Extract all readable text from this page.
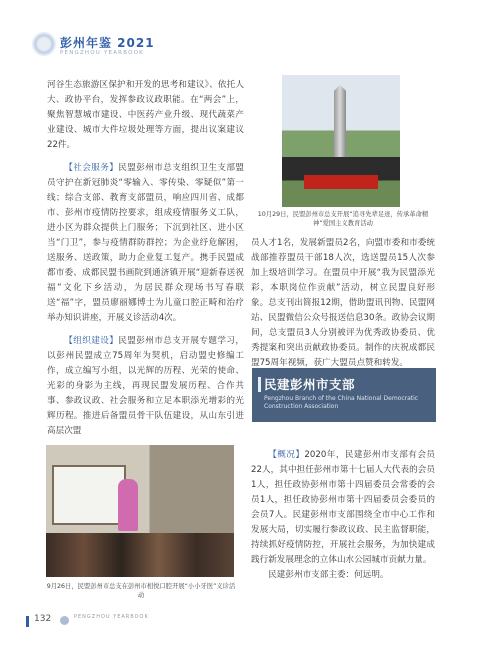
彭州年鉴 2021
PENGZHOU YEARBOOK

河谷生态旅游区保护和开发的思考和建议》、依托人大、政协平台，发挥参政议政职能。在“两会”上，聚焦智慧城市建设、中医药产业升级、现代蔬菜产业建设、城市大件垃圾处理等方面，提出议案建议22件。

【社会服务】民盟彭州市总支组织卫生支部盟员守护在新冠肺炎“零输入、零传染、零疑似”第一线；综合支部、教育支部盟员，响应四川省、成都市、彭州市疫情防控要求，组成疫情服务义工队，进小区为群众提供上门服务；下沉到社区、进小区当“门卫”，参与疫情群防群控；为企业纾危解困，送服务、送政策，助力企业复工复产。携手民盟成都市委、成都民盟书画院到通济镇开展“迎新春送祝福”文化下乡活动，为居民群众现场书写春联送“福”字，盟员廖丽娜博士为儿童口腔正畸和治疗举办知识讲座，开展义诊活动4次。

【组织建设】民盟彭州市总支开展专题学习，以彭州民盟成立75周年为契机，启动盟史修编工作，成立编写小组，以光辉的历程、光荣的使命、光彩的身影为主线，再现民盟发展历程、合作共事、参政议政、社会服务和立足本职添光增彩的光辉历程。推进后备盟员骨干队伍建设，从山东引进高层次盟

10月29日，民盟彭州市总支开展“追寻先辈足迹，传承革命精神”爱国主义教育活动

员人才1名，发展新盟员2名，向盟市委和市委统战部推荐盟员干部18人次，选送盟员15人次参加上级培训学习。在盟员中开展“我为民盟添光彩，本职岗位作贡献”活动，树立民盟良好形象。总支刊出简报12期，借助盟讯刊物、民盟网站、民盟微信公众号报送信息30条。政协会议期间，总支盟员3人分别被评为优秀政协委员、优秀提案和突出贡献政协委员。制作的庆祝成都民盟75周年视频，获广大盟员点赞和转发。

民建彭州市支部
Pengzhou Branch of the China National Democratic Construction Association

【概况】2020年，民建彭州市支部有会员22人，其中担任彭州市第十七届人大代表的会员1人，担任政协彭州市第十四届委员会常委的会员1人，担任政协彭州市第十四届委员会委员的会员7人。民建彭州市支部围绕全市中心工作和发展大局，切实履行参政议政、民主监督职能，持续抓好疫情防控，开展社会服务，为加快建成践行新发展理念的立体山水公园城市贡献力量。

民建彭州市支部主委：何远明。

9月26日，民盟彭州市总支在彭州市相悦口腔开展“小小牙医”义诊活动
132	PENGZHOU YEARBOOK
